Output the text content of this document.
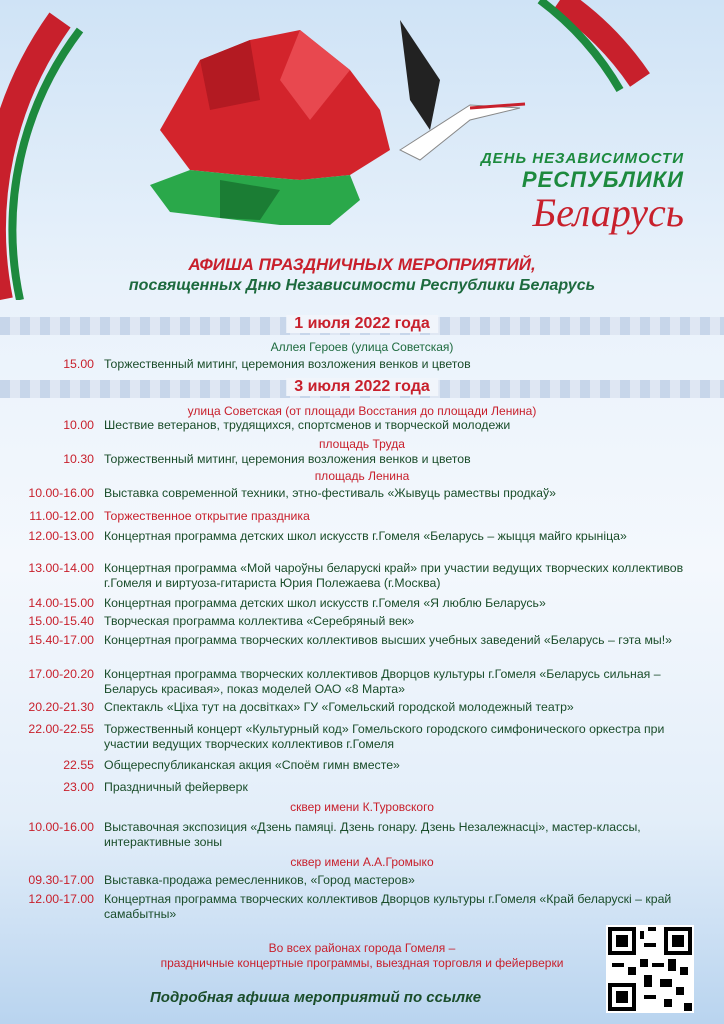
ДЕНЬ НЕЗАВИСИМОСТИ

РЕСПУБЛИКИ

Беларусь

АФИША ПРАЗДНИЧНЫХ МЕРОПРИЯТИЙ,

посвященных Дню Независимости Республики Беларусь

1 июля 2022 года
Аллея Героев (улица Советская)
15.00 Торжественный митинг, церемония возложения венков и цветов
3 июля 2022 года
улица Советская (от площади Восстания до площади Ленина)
10.00 Шествие ветеранов, трудящихся, спортсменов и творческой молодежи
площадь Труда
10.30 Торжественный митинг, церемония возложения венков и цветов
площадь Ленина
10.00-16.00 Выставка современной техники, этно-фестиваль «Жывуць рамествы продкаў»
11.00-12.00 Торжественное открытие праздника
12.00-13.00 Концертная программа детских школ искусств г.Гомеля «Беларусь – жыцця майго крыніца»
13.00-14.00 Концертная программа «Мой чароўны беларускі край» при участии ведущих творческих коллективов г.Гомеля и виртуоза-гитариста Юрия Полежаева (г.Москва)
14.00-15.00 Концертная программа детских школ искусств г.Гомеля «Я люблю Беларусь»
15.00-15.40 Творческая программа коллектива «Серебряный век»
15.40-17.00 Концертная программа творческих коллективов высших учебных заведений «Беларусь – гэта мы!»
17.00-20.20 Концертная программа творческих коллективов Дворцов культуры г.Гомеля «Беларусь сильная – Беларусь красивая», показ моделей ОАО «8 Марта»
20.20-21.30 Спектакль «Ціха тут на досвітках» ГУ «Гомельский городской молодежный театр»
22.00-22.55 Торжественный концерт «Культурный код» Гомельского городского симфонического оркестра при участии ведущих творческих коллективов г.Гомеля
22.55 Общереспубликанская акция «Споём гимн вместе»
23.00 Праздничный фейерверк
сквер имени К.Туровского
10.00-16.00 Выставочная экспозиция «Дзень памяці. Дзень гонару. Дзень Незалежнасці», мастер-классы, интерактивные зоны
сквер имени А.А.Громыко
09.30-17.00 Выставка-продажа ремесленников, «Город мастеров»
12.00-17.00 Концертная программа творческих коллективов Дворцов культуры г.Гомеля «Край беларускі – край самабытны»
Во всех районах города Гомеля –
праздничные концертные программы, выездная торговля и фейерверки
Подробная афиша мероприятий по ссылке
